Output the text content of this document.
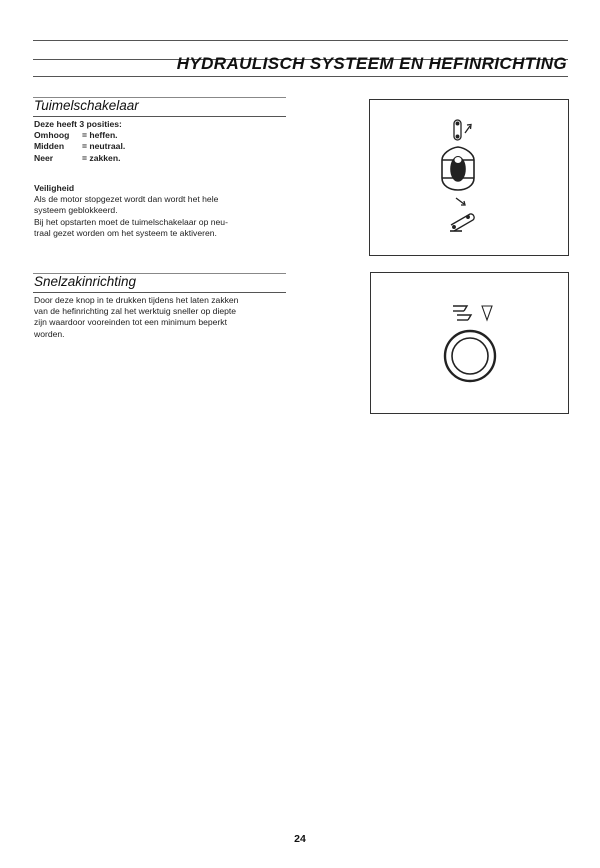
HYDRAULISCH SYSTEEM EN HEFINRICHTING
Tuimelschakelaar
Deze heeft 3 posities:
Omhoog	= heffen.
Midden	= neutraal.
Neer	= zakken.
Veiligheid

Als de motor stopgezet wordt dan wordt het hele

systeem geblokkeerd.

Bij het opstarten moet de tuimelschakelaar op neu-

traal gezet worden om het systeem te aktiveren.

Snelzakinrichting

Door deze knop in te drukken tijdens het laten zakken

van de hefinrichting zal het werktuig sneller op diepte

zijn waardoor vooreinden tot een minimum beperkt

worden.

24
